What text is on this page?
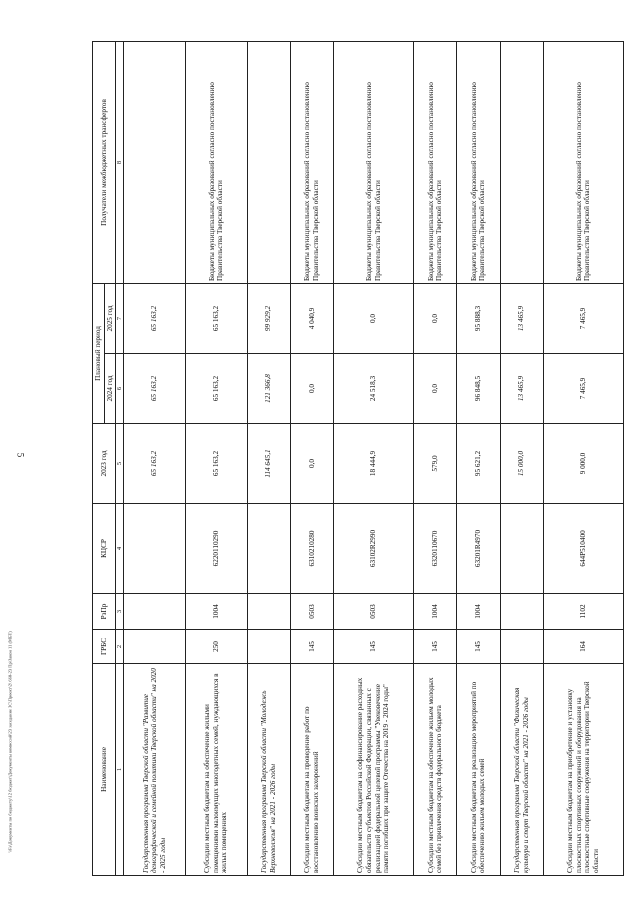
5
\\Fs\Документы по бюджету\12 бюджет\Документы комиссий\23 заседание ЗС\Проект\2\ 660-23 Пр\Закон 11 (МБТ)	Наименование	ГРБС	РзПр	КЦСР	2023 год	Плановый период		Получатели межбюджетных трансфертов
					2024 год	2025 год	
1	2	3	4	5	6	7	8
Государственная программа Тверской области "Развитие демографической и семейной политики Тверской области" на 2020 - 2025 годы				65 163,2	65 163,2	65 163,2	
Субсидии местным бюджетам на обеспечение жилыми помещениями малоимущих многодетных семей, нуждающихся в жилых помещениях	250	1004	6220110290	65 163,2	65 163,2	65 163,2	Бюджеты муниципальных образований согласно постановлению Правительства Тверской области
Государственная программа Тверской области "Молодежь Верхневолжья" на 2021 - 2026 годы				114 645,1	121 366,8	99 929,2	
Субсидии местным бюджетам на проведение работ по восстановлению воинских захоронений	145	0503	6310210280	0,0	0,0	4 040,9	Бюджеты муниципальных образований согласно постановлению Правительства Тверской области
Субсидии местным бюджетам на софинансирование расходных обязательств субъектов Российской Федерации, связанных с реализацией федеральной целевой программы "Увековечение памяти погибших при защите Отечества на 2019 - 2024 годы"	145	0503	63102R2990	18 444,9	24 518,3	0,0	Бюджеты муниципальных образований согласно постановлению Правительства Тверской области
Субсидии местным бюджетам на обеспечение жильем молодых семей без привлечения средств федерального бюджета	145	1004	6320110670	579,0	0,0	0,0	Бюджеты муниципальных образований согласно постановлению Правительства Тверской области
Субсидии местным бюджетам на реализацию мероприятий по обеспечению жильем молодых семей	145	1004	63201R4970	95 621,2	96 848,5	95 888,3	Бюджеты муниципальных образований согласно постановлению Правительства Тверской области
Государственная программа Тверской области "Физическая культура и спорт Тверской области" на 2021 - 2026 годы				15 000,0	13 465,9	13 465,9	
Субсидии местным бюджетам на приобретение и установку плоскостных спортивных сооружений и оборудования на плоскостные спортивные сооружения на территории Тверской области	164	1102	644P510400	9 000,0	7 465,9	7 465,9	Бюджеты муниципальных образований согласно постановлению Правительства Тверской области
